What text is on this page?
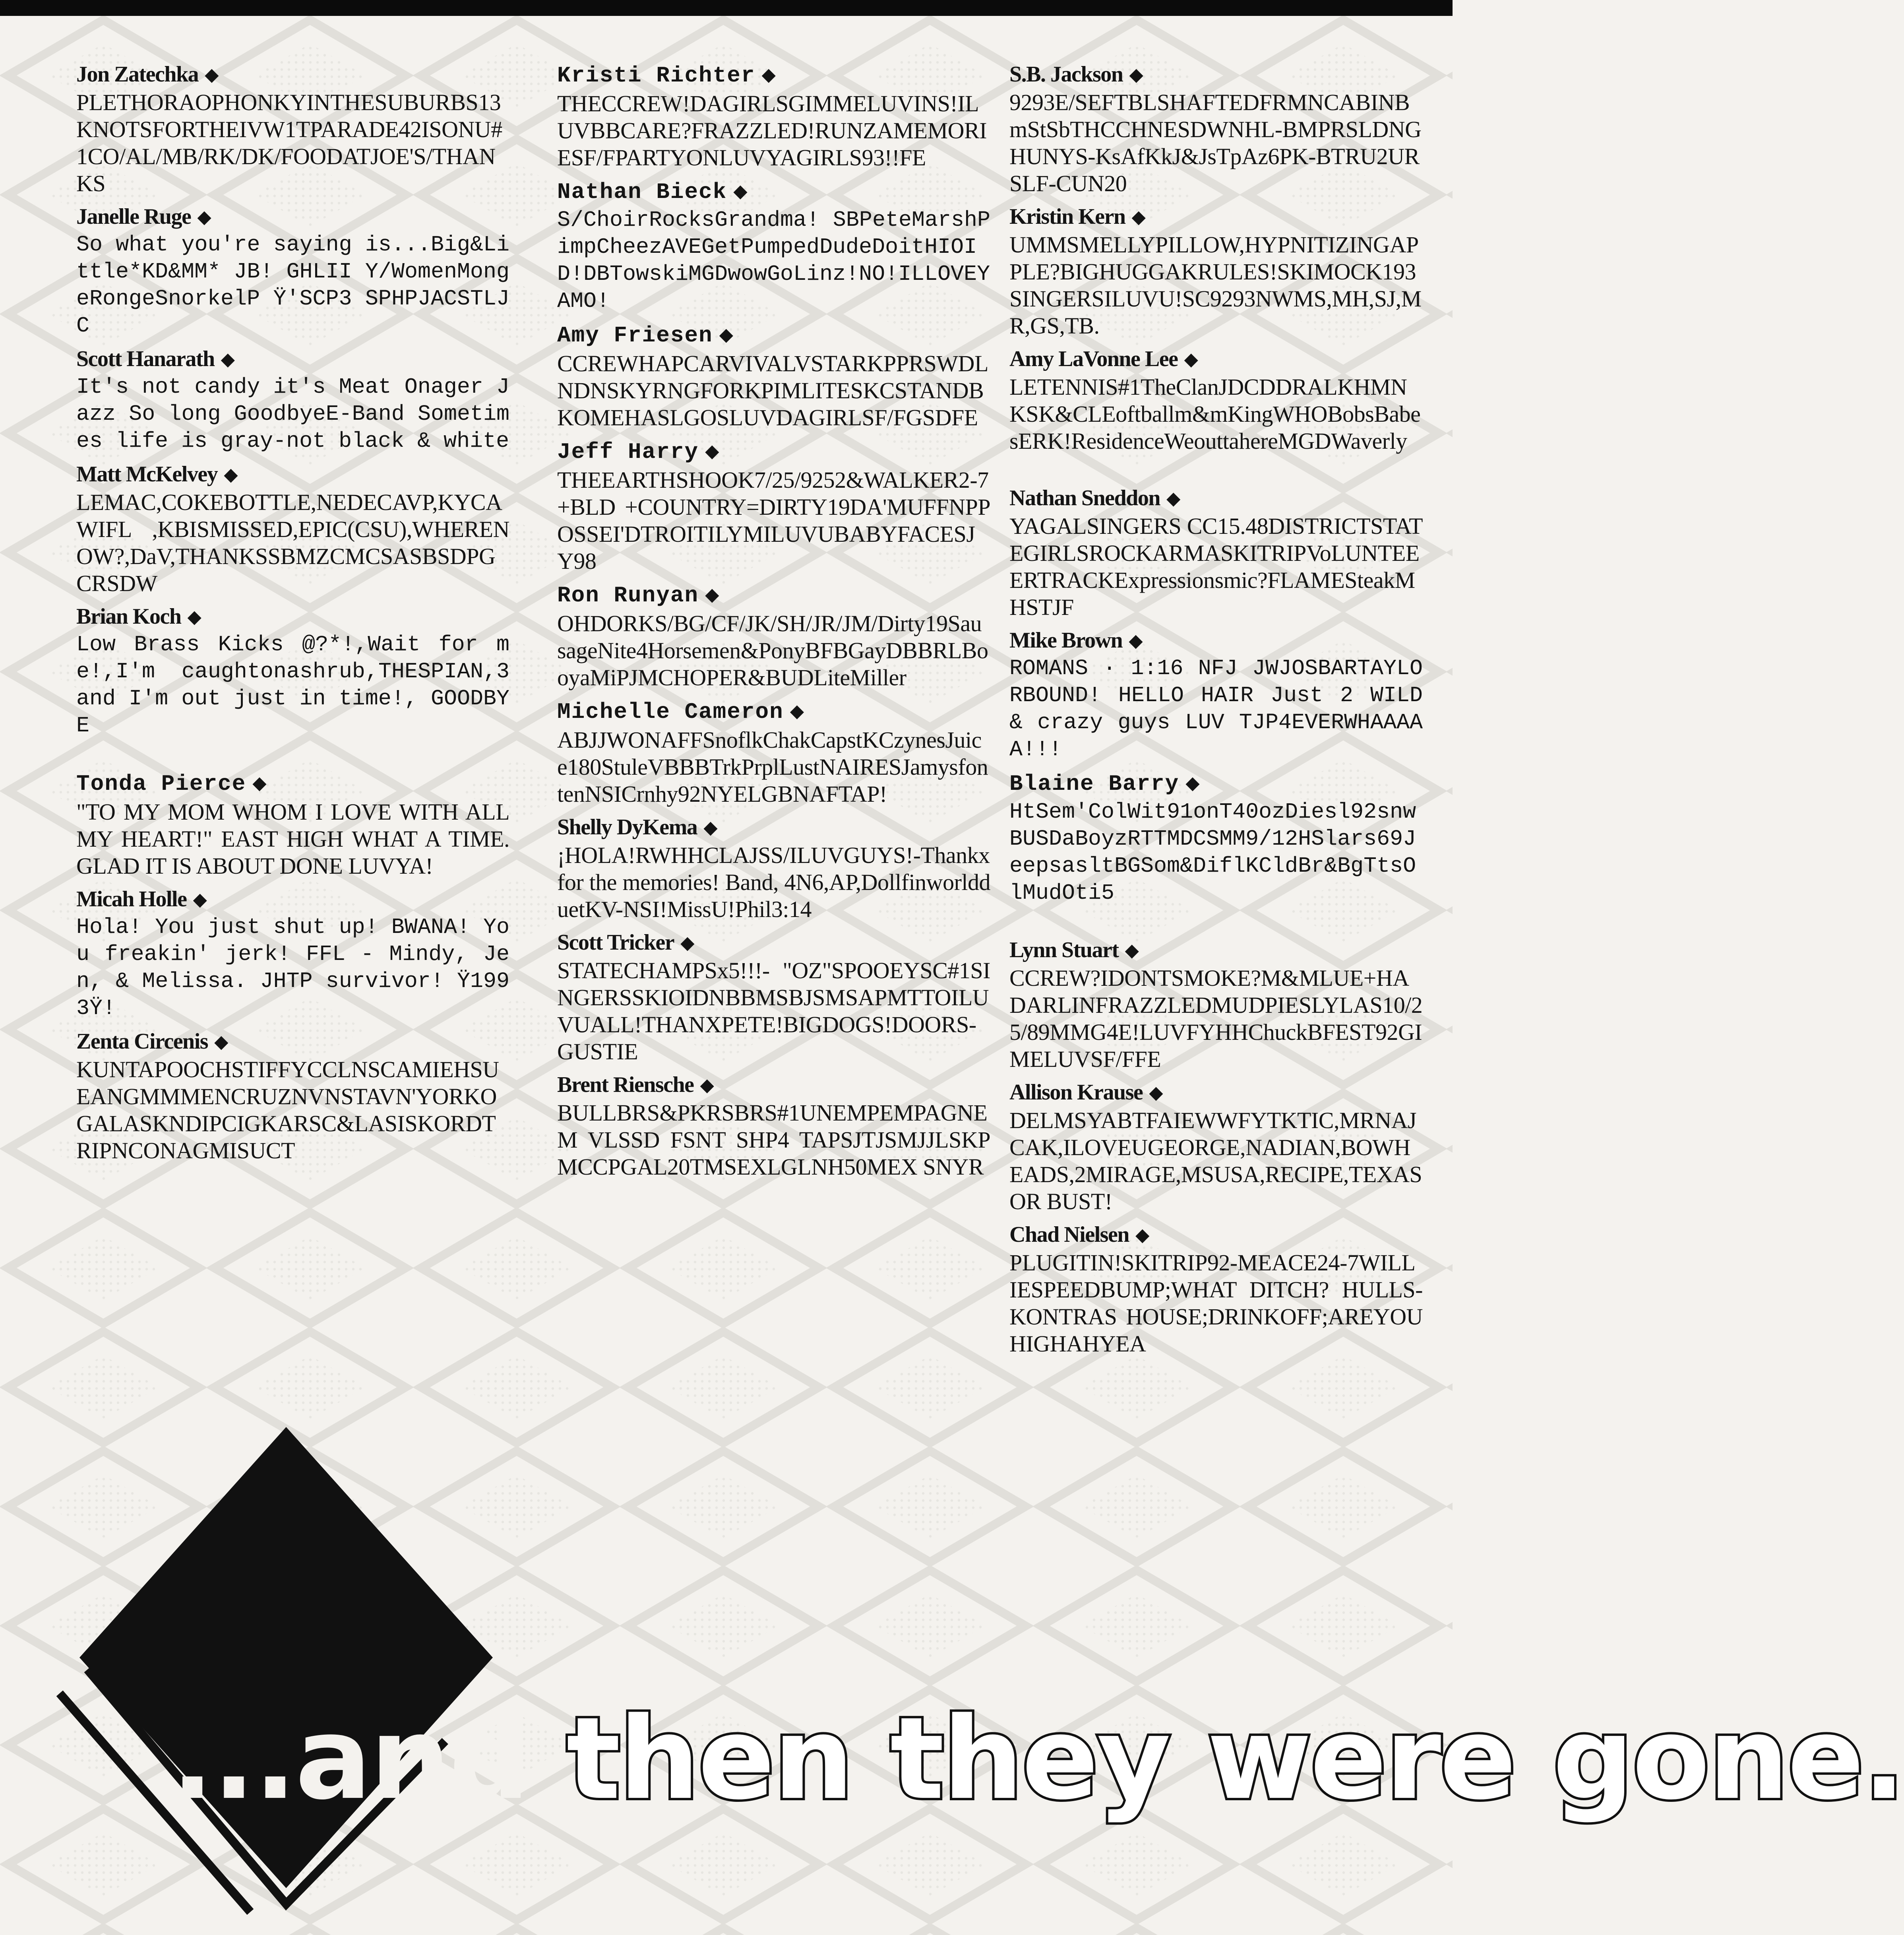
Jon Zatechka ◆
PLETHORAOPHONKYINTHESUBURBS13KNOTSFORTHEIVW1TPARADE42ISONU#1CO/AL/MB/RK/DK/FOODATJOE'S/THANKS
Janelle Ruge ◆
So what you're saying is...Big&Little*KD&MM* JB! GHLII Y/WomenMongeRongeSnorkelP Ÿ'SCP3 SPHPJACSTLJC
Scott Hanarath ◆
It's not candy it's Meat Onager Jazz So long GoodbyeE-Band Sometimes life is gray-not black & white
Matt McKelvey ◆
LEMAC,COKEBOTTLE,NEDECAVP,KYCAWIFL ,KBISMISSED,EPIC(CSU),WHERENOW?,DaV,THANKSSBMZCMCSASBSDPGCRSDW
Brian Koch ◆
Low Brass Kicks @?*!,Wait for me!,I'm caughtonashrub,THESPIAN,3 and I'm out just in time!, GOODBYE
Tonda Pierce ◆
"TO MY MOM WHOM I LOVE WITH ALL MY HEART!" EAST HIGH WHAT A TIME. GLAD IT IS ABOUT DONE LUVYA!
Micah Holle ◆
Hola! You just shut up! BWANA! You freakin' jerk! FFL - Mindy, Jen, & Melissa. JHTP survivor! Ÿ1993Ÿ!
Zenta Circenis ◆
KUNTAPOOCHSTIFFYCCLNSCAMIEHSUEANGMMMENCRUZNVNSTAVN'YORKOGALASKNDIPCIGKARSC&LASISKORDTRIPNCONAGMISUCT
Kristi Richter ◆
THECCREW!DAGIRLSGIMMELUVINS!ILUVBBCARE?FRAZZLED!RUNZAMEMORIESF/FPARTYONLUVYAGIRLS93!!FE
Nathan Bieck ◆
S/ChoirRocksGrandma! SBPeteMarshPimpCheezAVEGetPumpedDudeDoitHIOID!DBTowskiMGDwowGoLinz!NO!ILLOVEYAMO!
Amy Friesen ◆
CCREWHAPCARVIVALVSTARKPPRSWDLNDNSKYRNGFORKPIMLITESKCSTANDBKOMEHASLGOSLUVDAGIRLSF/FGSDFE
Jeff Harry ◆
THEEARTHSHOOK7/25/9252&WALKER2-7+BLD +COUNTRY=DIRTY19DA'MUFFNPPOSSEI'DTROITILYMILUVUBABYFACESJY98
Ron Runyan ◆
OHDORKS/BG/CF/JK/SH/JR/JM/Dirty19SausageNite4Horsemen&PonyBFBGayDBBRLBooyaMiPJMCHOPER&BUDLiteMiller
Michelle Cameron ◆
ABJJWONAFFSnoflkChakCapstKCzynesJuice180StuleVBBBTrkPrplLustNAIRESJamysfontenNSICrnhy92NYELGBNAFTAP!
Shelly DyKema ◆
¡HOLA!RWHHCLAJSS/ILUVGUYS!-Thankx for the memories! Band, 4N6,AP,DollfinworldduetKV-NSI!MissU!Phil3:14
Scott Tricker ◆
STATECHAMPSx5!!!- "OZ"SPOOEYSC#1SINGERSSKIOIDNBBMSBJSMSAPMTTOILUVUALL!THANXPETE!BIGDOGS!DOORS-GUSTIE
Brent Riensche ◆
BULLBRS&PKRSBRS#1UNEMPEMPAGNEM VLSSD FSNT SHP4 TAPSJTJSMJJLSKPMCCPGAL20TMSEXLGLNH50MEX SNYR
S.B. Jackson ◆
9293E/SEFTBLSHAFTEDFRMNCABINBmStSbTHCCHNESDWNHL-BMPRSLDNGHUNYS-KsAfKkJ&JsTpAz6PK-BTRU2URSLF-CUN20
Kristin Kern ◆
UMMSMELLYPILLOW,HYPNITIZINGAPPLE?BIGHUGGAKRULES!SKIMOCK193SINGERSILUVU!SC9293NWMS,MH,SJ,MR,GS,TB.
Amy LaVonne Lee ◆
LETENNIS#1TheClanJDCDDRALKHMNKSK&CLEoftballm&mKingWHOBobsBabesERK!ResidenceWeouttahereMGDWaverly
Nathan Sneddon ◆
YAGALSINGERS CC15.48DISTRICTSTATEGIRLSROCKARMASKITRIPVoLUNTEEERTRACKExpressionsmic?FLAMESteakMHSTJF
Mike Brown ◆
ROMANS · 1:16 NFJ JWJOSBARTAYLORBOUND! HELLO HAIR Just 2 WILD & crazy guys LUV TJP4EVERWHAAAAA!!!
Blaine Barry ◆
HtSem'ColWit91onT40ozDiesl92snwBUSDaBoyzRTTMDCSMM9/12HSlars69JeepsasltBGSom&DiflKCldBr&BgTtsOlMudOti5
Lynn Stuart ◆
CCREW?IDONTSMOKE?M&MLUE+HADARLINFRAZZLEDMUDPIESLYLAS10/25/89MMG4E!LUVFYHHChuckBFEST92GIMELUVSF/FFE
Allison Krause ◆
DELMSYABTFAIEWWFYTKTIC,MRNAJCAK,ILOVEUGEORGE,NADIAN,BOWHEADS,2MIRAGE,MSUSA,RECIPE,TEXAS OR BUST!
Chad Nielsen ◆
PLUGITIN!SKITRIP92-MEACE24-7WILLIESPEEDBUMP;WHAT DITCH? HULLS-KONTRAS HOUSE;DRINKOFF;AREYOUHIGHAHYEA
...and then they were gone.
